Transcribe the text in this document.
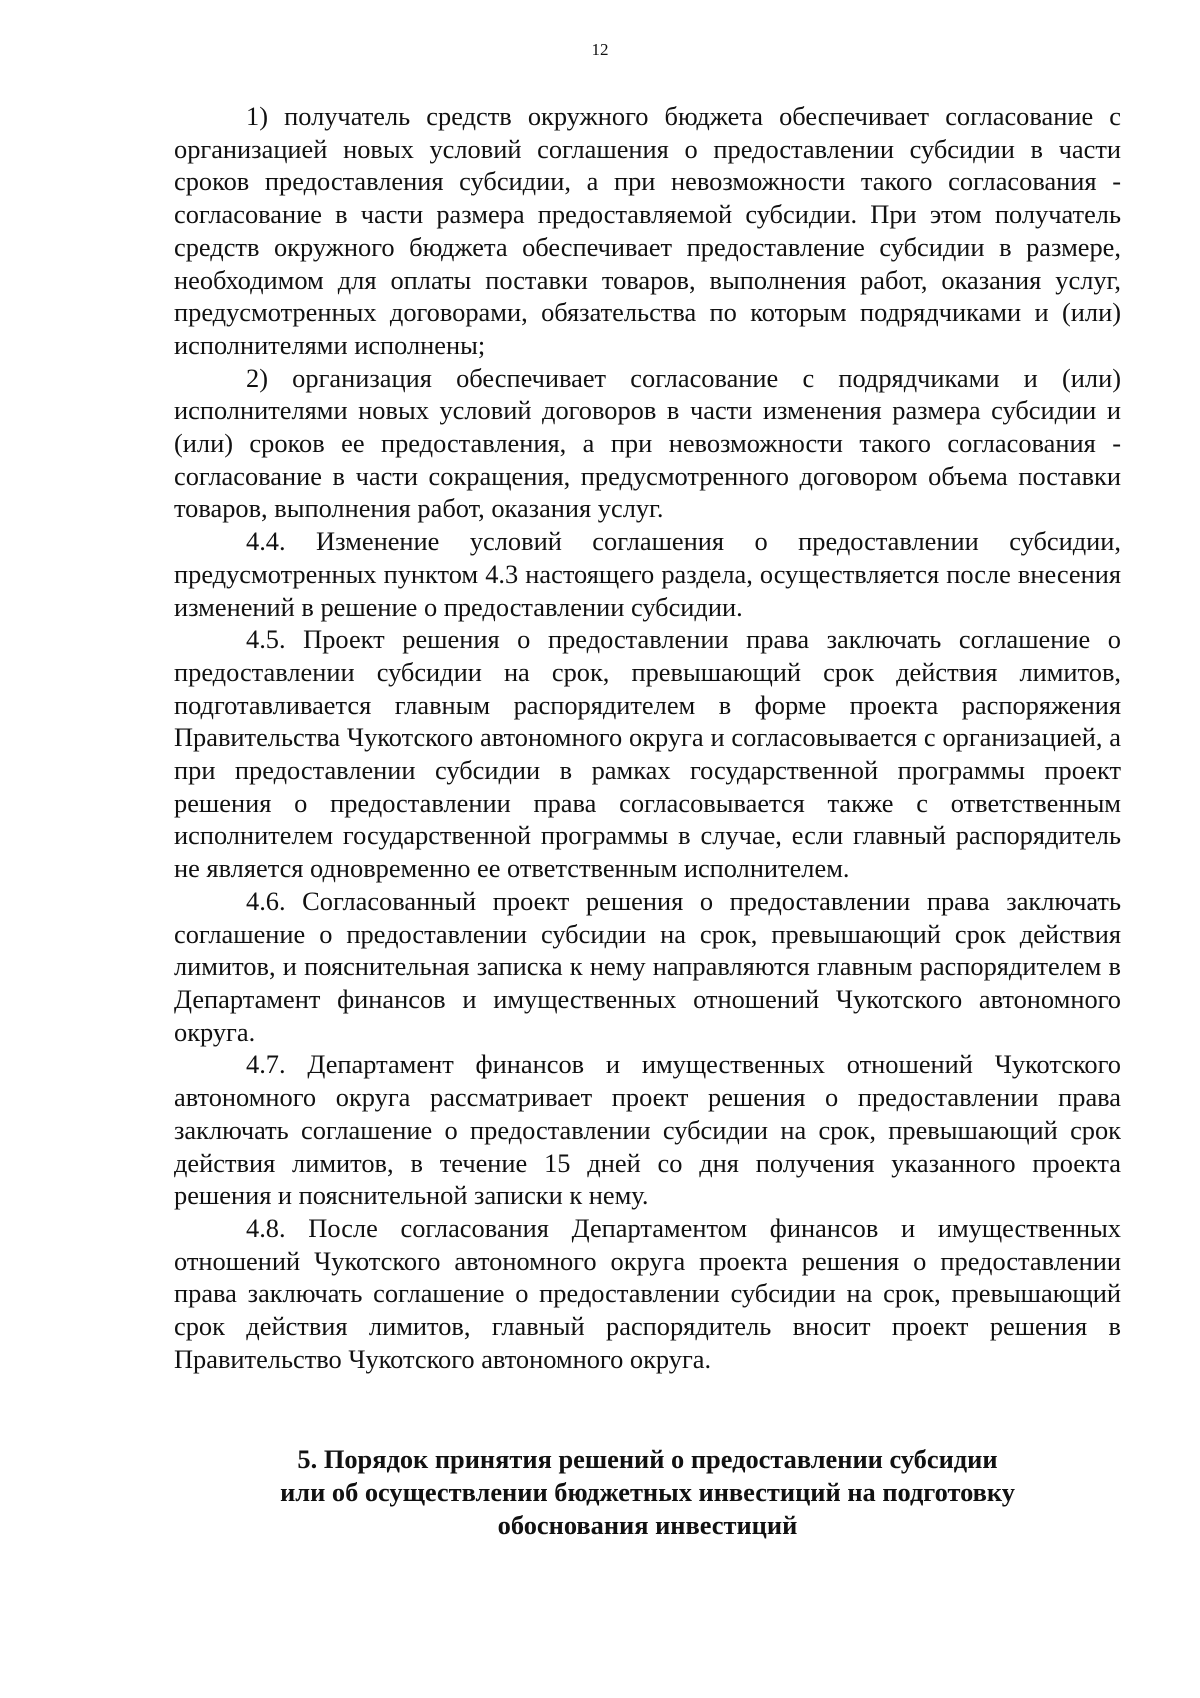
12

1) получатель средств окружного бюджета обеспечивает согласование с организацией новых условий соглашения о предоставлении субсидии в части сроков предоставления субсидии, а при невозможности такого согласования - согласование в части размера предоставляемой субсидии. При этом получатель средств окружного бюджета обеспечивает предоставление субсидии в размере, необходимом для оплаты поставки товаров, выполнения работ, оказания услуг, предусмотренных договорами, обязательства по которым подрядчиками и (или) исполнителями исполнены;

2) организация обеспечивает согласование с подрядчиками и (или) исполнителями новых условий договоров в части изменения размера субсидии и (или) сроков ее предоставления, а при невозможности такого согласования - согласование в части сокращения, предусмотренного договором объема поставки товаров, выполнения работ, оказания услуг.

4.4. Изменение условий соглашения о предоставлении субсидии, предусмотренных пунктом 4.3 настоящего раздела, осуществляется после внесения изменений в решение о предоставлении субсидии.

4.5. Проект решения о предоставлении права заключать соглашение о предоставлении субсидии на срок, превышающий срок действия лимитов, подготавливается главным распорядителем в форме проекта распоряжения Правительства Чукотского автономного округа и согласовывается с организацией, а при предоставлении субсидии в рамках государственной программы проект решения о предоставлении права согласовывается также с ответственным исполнителем государственной программы в случае, если главный распорядитель не является одновременно ее ответственным исполнителем.

4.6. Согласованный проект решения о предоставлении права заключать соглашение о предоставлении субсидии на срок, превышающий срок действия лимитов, и пояснительная записка к нему направляются главным распорядителем в Департамент финансов и имущественных отношений Чукотского автономного округа.

4.7. Департамент финансов и имущественных отношений Чукотского автономного округа рассматривает проект решения о предоставлении права заключать соглашение о предоставлении субсидии на срок, превышающий срок действия лимитов, в течение 15 дней со дня получения указанного проекта решения и пояснительной записки к нему.

4.8. После согласования Департаментом финансов и имущественных отношений Чукотского автономного округа проекта решения о предоставлении права заключать соглашение о предоставлении субсидии на срок, превышающий срок действия лимитов, главный распорядитель вносит проект решения в Правительство Чукотского автономного округа.

5. Порядок принятия решений о предоставлении субсидии
или об осуществлении бюджетных инвестиций на подготовку
обоснования инвестиций
